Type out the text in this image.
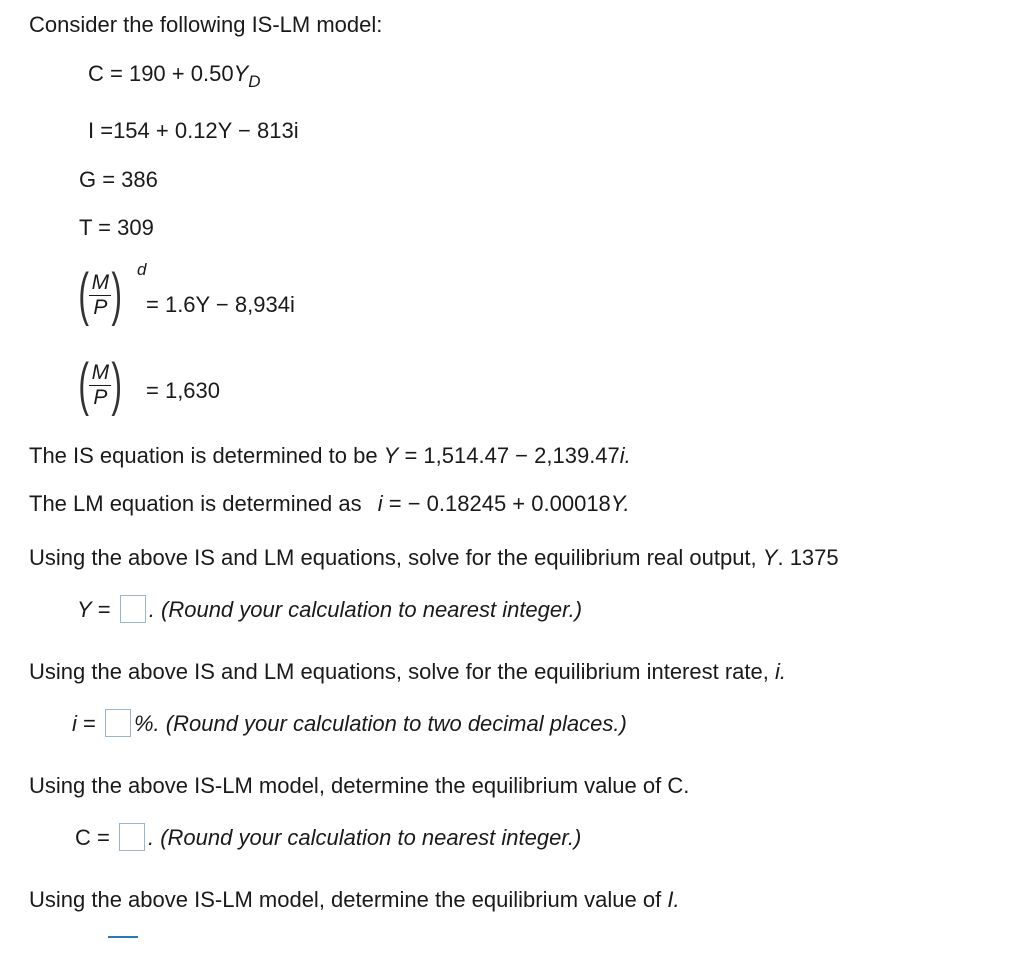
Consider the following IS-LM model:
$C = 190 + 0.50Y_D$
I =154 + 0.12Y − 813i
G = 386
T = 309
( $\frac{M}{P}$ ) d
= 1.6Y − 8,934i
( $\frac{M}{P}$ ) = 1,630
The IS equation is determined to be Y = 1,514.47 − 2,139.47i.
The LM equation is determined as i = − 0.18245 + 0.00018Y.
Using the above IS and LM equations, solve for the equilibrium real output, Y. 1375
Y = . (Round your calculation to nearest integer.)
Using the above IS and LM equations, solve for the equilibrium interest rate, i.
i = %. (Round your calculation to two decimal places.)
Using the above IS-LM model, determine the equilibrium value of C.
C = . (Round your calculation to nearest integer.)
Using the above IS-LM model, determine the equilibrium value of I.
